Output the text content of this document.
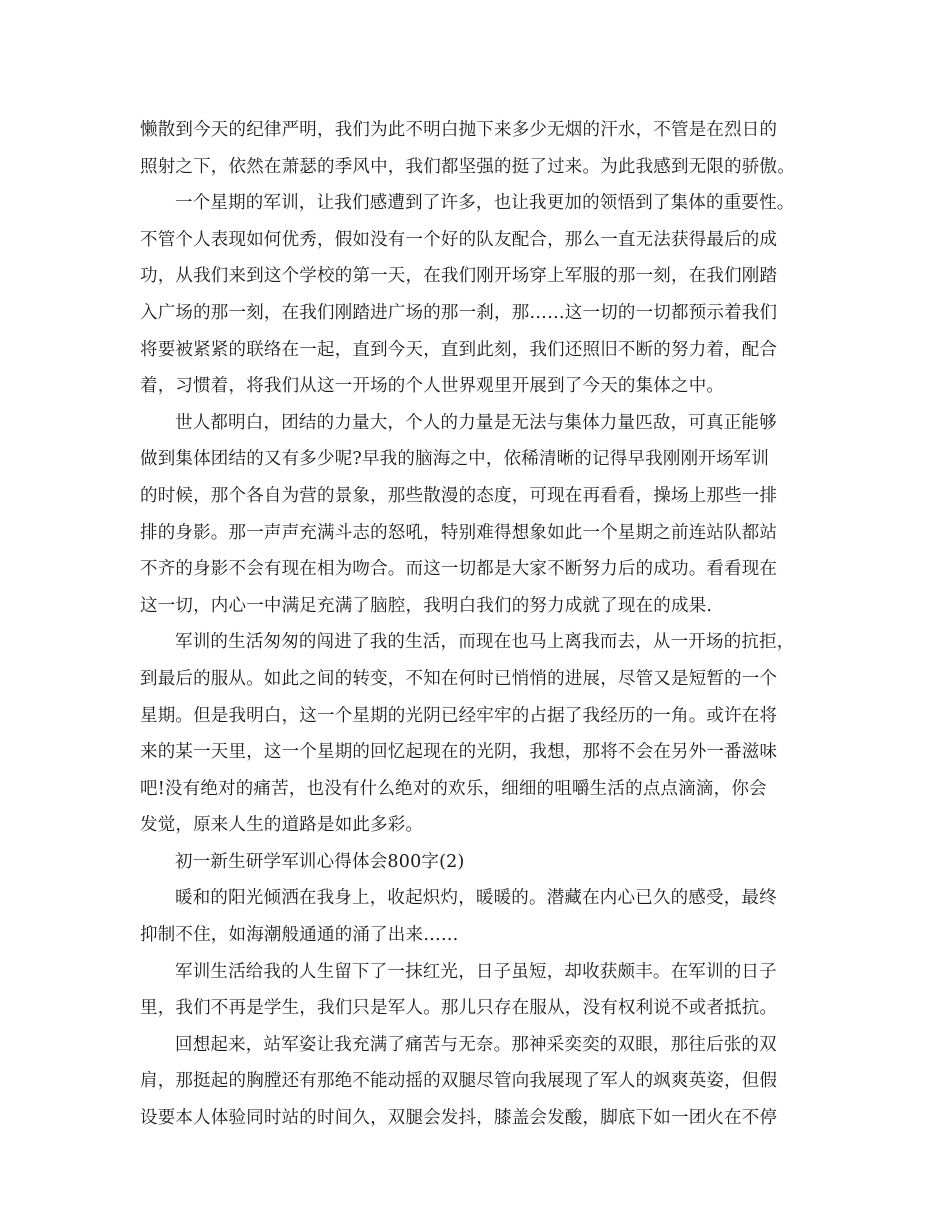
懒散到今天的纪律严明，我们为此不明白抛下来多少无烟的汗水，不管是在烈日的
照射之下，依然在萧瑟的季风中，我们都坚强的挺了过来。为此我感到无限的骄傲。
一个星期的军训，让我们感遭到了许多，也让我更加的领悟到了集体的重要性。
不管个人表现如何优秀，假如没有一个好的队友配合，那么一直无法获得最后的成
功，从我们来到这个学校的第一天，在我们刚开场穿上军服的那一刻，在我们刚踏
入广场的那一刻，在我们刚踏进广场的那一刹，那……这一切的一切都预示着我们
将要被紧紧的联络在一起，直到今天，直到此刻，我们还照旧不断的努力着，配合
着，习惯着，将我们从这一开场的个人世界观里开展到了今天的集体之中。
世人都明白，团结的力量大，个人的力量是无法与集体力量匹敌，可真正能够
做到集体团结的又有多少呢?早我的脑海之中，依稀清晰的记得早我刚刚开场军训
的时候，那个各自为营的景象，那些散漫的态度，可现在再看看，操场上那些一排
排的身影。那一声声充满斗志的怒吼，特别难得想象如此一个星期之前连站队都站
不齐的身影不会有现在相为吻合。而这一切都是大家不断努力后的成功。看看现在
这一切，内心一中满足充满了脑腔，我明白我们的努力成就了现在的成果.
军训的生活匆匆的闯进了我的生活，而现在也马上离我而去，从一开场的抗拒，
到最后的服从。如此之间的转变，不知在何时已悄悄的进展，尽管又是短暂的一个
星期。但是我明白，这一个星期的光阴已经牢牢的占据了我经历的一角。或许在将
来的某一天里，这一个星期的回忆起现在的光阴，我想，那将不会在另外一番滋味
吧!没有绝对的痛苦，也没有什么绝对的欢乐，细细的咀嚼生活的点点滴滴，你会
发觉，原来人生的道路是如此多彩。
初一新生研学军训心得体会800字(2)
暖和的阳光倾洒在我身上，收起炽灼，暖暖的。潜藏在内心已久的感受，最终
抑制不住，如海潮般通通的涌了出来……
军训生活给我的人生留下了一抹红光，日子虽短，却收获颇丰。在军训的日子
里，我们不再是学生，我们只是军人。那儿只存在服从，没有权利说不或者抵抗。
回想起来，站军姿让我充满了痛苦与无奈。那神采奕奕的双眼，那往后张的双
肩，那挺起的胸膛还有那绝不能动摇的双腿尽管向我展现了军人的飒爽英姿，但假
设要本人体验同时站的时间久，双腿会发抖，膝盖会发酸，脚底下如一团火在不停
